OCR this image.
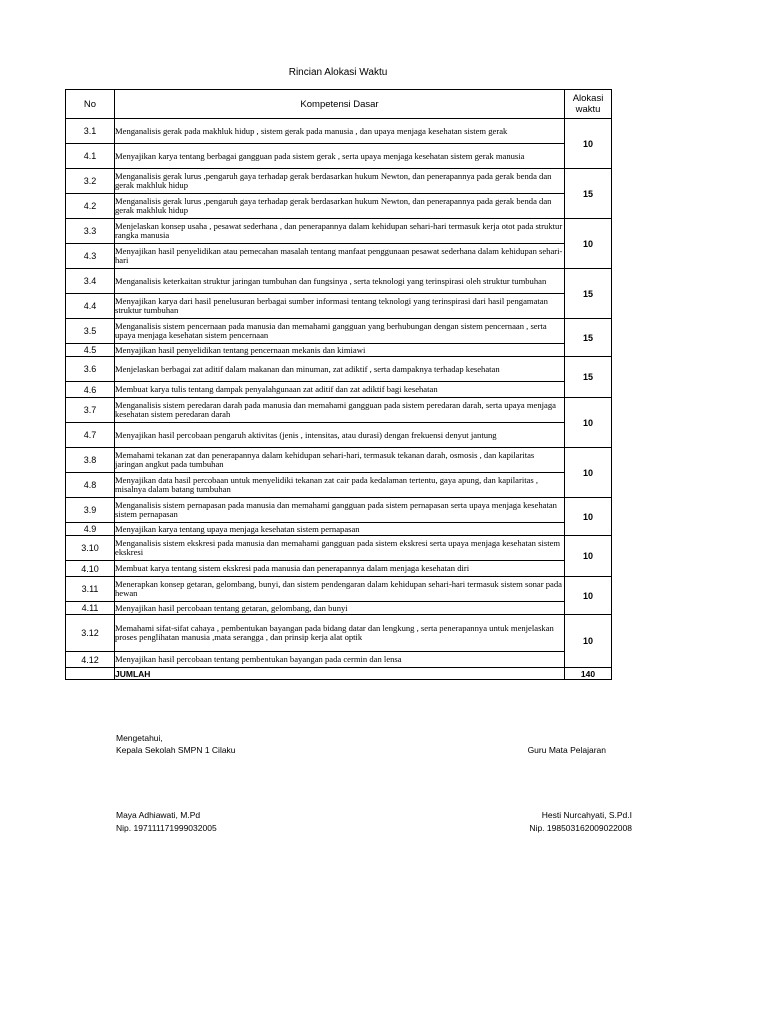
Rincian Alokasi Waktu
No	Kompetensi Dasar	Alokasi
waktu
3.1	Menganalisis gerak pada makhluk hidup , sistem gerak pada manusia , dan upaya menjaga kesehatan sistem gerak	10
4.1	Menyajikan karya tentang berbagai gangguan pada sistem gerak , serta upaya menjaga kesehatan sistem gerak manusia	
3.2	Menganalisis gerak lurus ,pengaruh gaya terhadap gerak berdasarkan hukum Newton, dan penerapannya pada gerak benda dan gerak makhluk hidup	15
4.2	Menganalisis gerak lurus ,pengaruh gaya terhadap gerak berdasarkan hukum Newton, dan penerapannya pada gerak benda dan gerak makhluk hidup	
3.3	Menjelaskan konsep usaha , pesawat sederhana , dan penerapannya dalam kehidupan sehari-hari termasuk kerja otot pada struktur rangka manusia	10
4.3	Menyajikan hasil penyelidikan atau pemecahan masalah tentang manfaat penggunaan pesawat sederhana dalam kehidupan sehari-hari	
3.4	Menganalisis keterkaitan struktur jaringan tumbuhan dan fungsinya , serta teknologi yang terinspirasi oleh struktur tumbuhan	15
4.4	Menyajikan karya dari hasil penelusuran berbagai sumber informasi tentang teknologi yang terinspirasi dari hasil pengamatan struktur tumbuhan	
3.5	Menganalisis sistem pencernaan pada manusia dan memahami gangguan yang berhubungan dengan sistem pencernaan , serta upaya menjaga kesehatan sistem pencernaan	15
4.5	Menyajikan hasil penyelidikan tentang pencernaan mekanis dan kimiawi	
3.6	Menjelaskan berbagai zat aditif dalam makanan dan minuman, zat adiktif , serta dampaknya terhadap kesehatan	15
4.6	Membuat karya tulis tentang dampak penyalahgunaan zat aditif dan zat adiktif bagi kesehatan	
3.7	Menganalisis sistem peredaran darah pada manusia dan memahami gangguan pada sistem peredaran darah, serta upaya menjaga kesehatan sistem peredaran darah	10
4.7	Menyajikan hasil percobaan pengaruh aktivitas (jenis , intensitas, atau durasi) dengan frekuensi denyut jantung	
3.8	Memahami tekanan zat dan penerapannya dalam kehidupan sehari-hari, termasuk tekanan darah, osmosis , dan kapilaritas jaringan angkut pada tumbuhan	10
4.8	Menyajikan data hasil percobaan untuk menyelidiki tekanan zat cair pada kedalaman tertentu, gaya apung, dan kapilaritas , misalnya dalam batang tumbuhan	
3.9	Menganalisis sistem pernapasan pada manusia dan memahami gangguan pada sistem pernapasan serta upaya menjaga kesehatan sistem pernapasan	10
4.9	Menyajikan karya tentang upaya menjaga kesehatan sistem pernapasan	
3.10	Menganalisis sistem ekskresi pada manusia dan memahami gangguan pada sistem ekskresi serta upaya menjaga kesehatan sistem ekskresi	10
4.10	Membuat karya tentang sistem ekskresi pada manusia dan penerapannya dalam menjaga kesehatan diri	
3.11	Menerapkan konsep getaran, gelombang, bunyi, dan sistem pendengaran dalam kehidupan sehari-hari termasuk sistem sonar pada hewan	10
4.11	Menyajikan hasil percobaan tentang getaran, gelombang, dan bunyi	
3.12	Memahami sifat-sifat cahaya , pembentukan bayangan pada bidang datar dan lengkung , serta penerapannya untuk menjelaskan proses penglihatan manusia ,mata serangga , dan prinsip kerja alat optik	10
4.12	Menyajikan hasil percobaan tentang pembentukan bayangan pada cermin dan lensa	
	JUMLAH	140
Mengetahui,
Kepala Sekolah SMPN 1 Cilaku	Guru Mata Pelajaran
Maya Adhiawati, M.Pd
Nip. 197111171999032005
Hesti Nurcahyati, S.Pd.I
Nip. 198503162009022008
